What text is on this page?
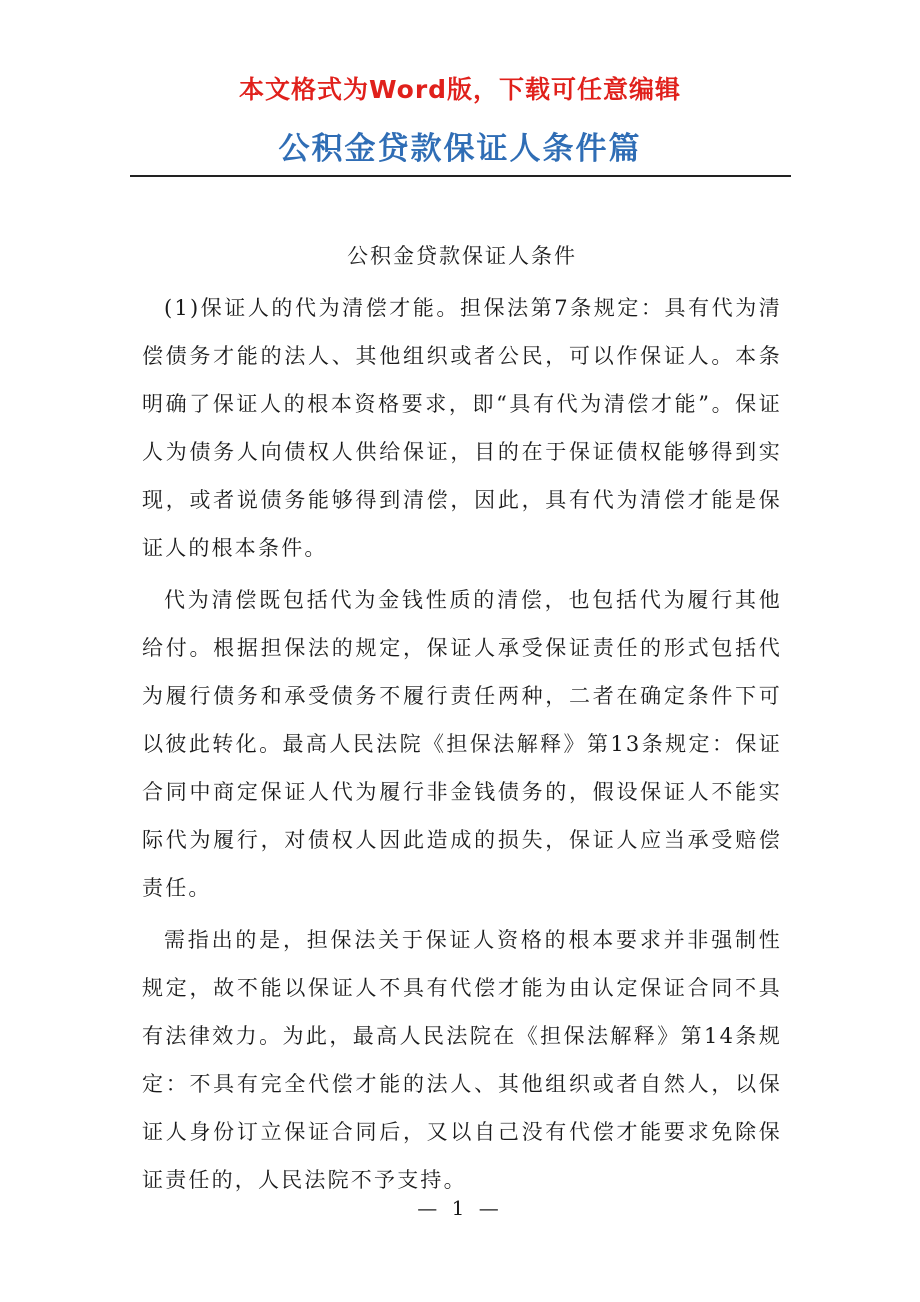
本文格式为Word版，下载可任意编辑
公积金贷款保证人条件篇

公积金贷款保证人条件

(1)保证人的代为清偿才能。担保法第7条规定：具有代为清偿债务才能的法人、其他组织或者公民，可以作保证人。本条明确了保证人的根本资格要求，即“具有代为清偿才能”。保证人为债务人向债权人供给保证，目的在于保证债权能够得到实现，或者说债务能够得到清偿，因此，具有代为清偿才能是保证人的根本条件。

代为清偿既包括代为金钱性质的清偿，也包括代为履行其他给付。根据担保法的规定，保证人承受保证责任的形式包括代为履行债务和承受债务不履行责任两种，二者在确定条件下可以彼此转化。最高人民法院《担保法解释》第13条规定：保证合同中商定保证人代为履行非金钱债务的，假设保证人不能实际代为履行，对债权人因此造成的损失，保证人应当承受赔偿责任。

需指出的是，担保法关于保证人资格的根本要求并非强制性规定，故不能以保证人不具有代偿才能为由认定保证合同不具有法律效力。为此，最高人民法院在《担保法解释》第14条规定：不具有完全代偿才能的法人、其他组织或者自然人，以保证人身份订立保证合同后，又以自己没有代偿才能要求免除保证责任的，人民法院不予支持。

— 1 —
